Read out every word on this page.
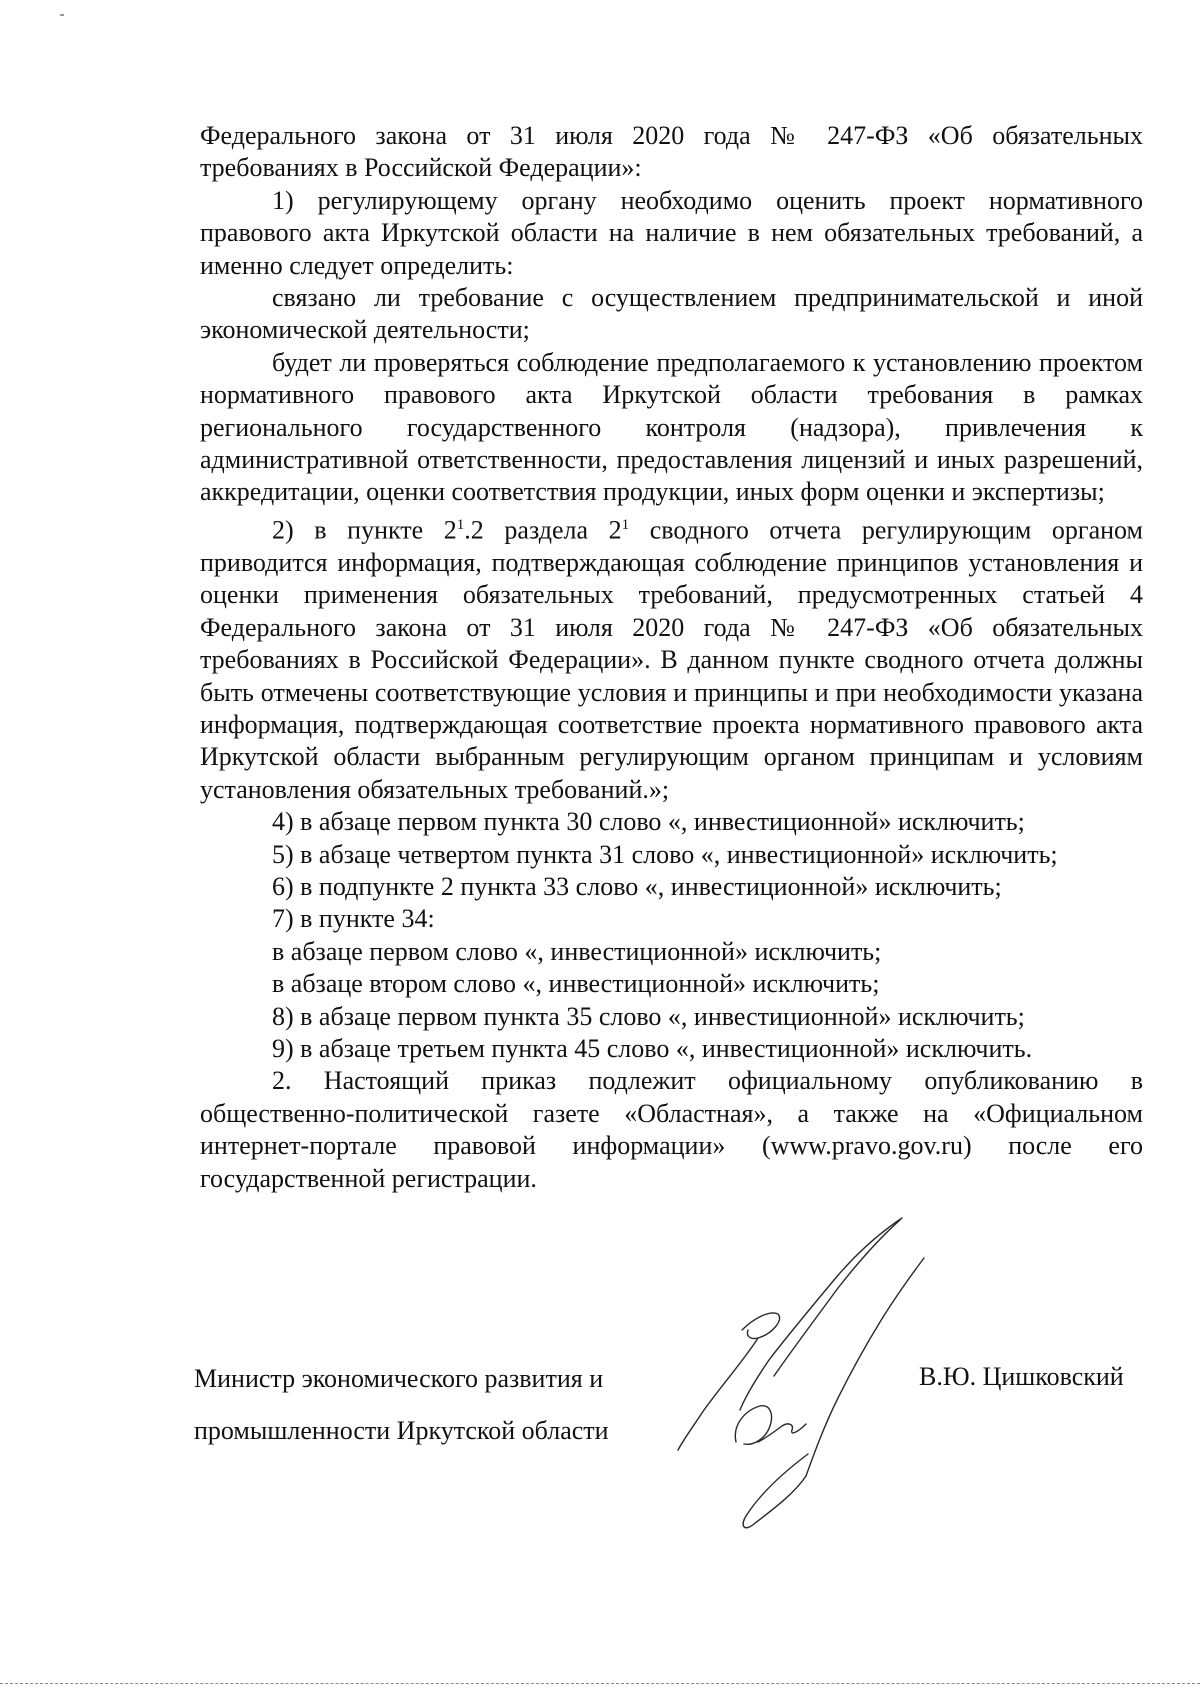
Федерального закона от 31 июля 2020 года № 247-ФЗ «Об обязательных требованиях в Российской Федерации»:

1) регулирующему органу необходимо оценить проект нормативного правового акта Иркутской области на наличие в нем обязательных требований, а именно следует определить:

связано ли требование с осуществлением предпринимательской и иной экономической деятельности;

будет ли проверяться соблюдение предполагаемого к установлению проектом нормативного правового акта Иркутской области требования в рамках регионального государственного контроля (надзора), привлечения к административной ответственности, предоставления лицензий и иных разрешений, аккредитации, оценки соответствия продукции, иных форм оценки и экспертизы;

2) в пункте $2^1.2$ раздела $2^1$ сводного отчета регулирующим органом приводится информация, подтверждающая соблюдение принципов установления и оценки применения обязательных требований, предусмотренных статьей 4 Федерального закона от 31 июля 2020 года № 247-ФЗ «Об обязательных требованиях в Российской Федерации». В данном пункте сводного отчета должны быть отмечены соответствующие условия и принципы и при необходимости указана информация, подтверждающая соответствие проекта нормативного правового акта Иркутской области выбранным регулирующим органом принципам и условиям установления обязательных требований.»;

4) в абзаце первом пункта 30 слово «, инвестиционной» исключить;

5) в абзаце четвертом пункта 31 слово «, инвестиционной» исключить;

6) в подпункте 2 пункта 33 слово «, инвестиционной» исключить;

7) в пункте 34:

в абзаце первом слово «, инвестиционной» исключить;

в абзаце втором слово «, инвестиционной» исключить;

8) в абзаце первом пункта 35 слово «, инвестиционной» исключить;

9) в абзаце третьем пункта 45 слово «, инвестиционной» исключить.

2. Настоящий приказ подлежит официальному опубликованию в общественно-политической газете «Областная», а также на «Официальном интернет-портале правовой информации» (www.pravo.gov.ru) после его государственной регистрации.

Министр экономического развития и

промышленности Иркутской области

В.Ю. Цишковский
